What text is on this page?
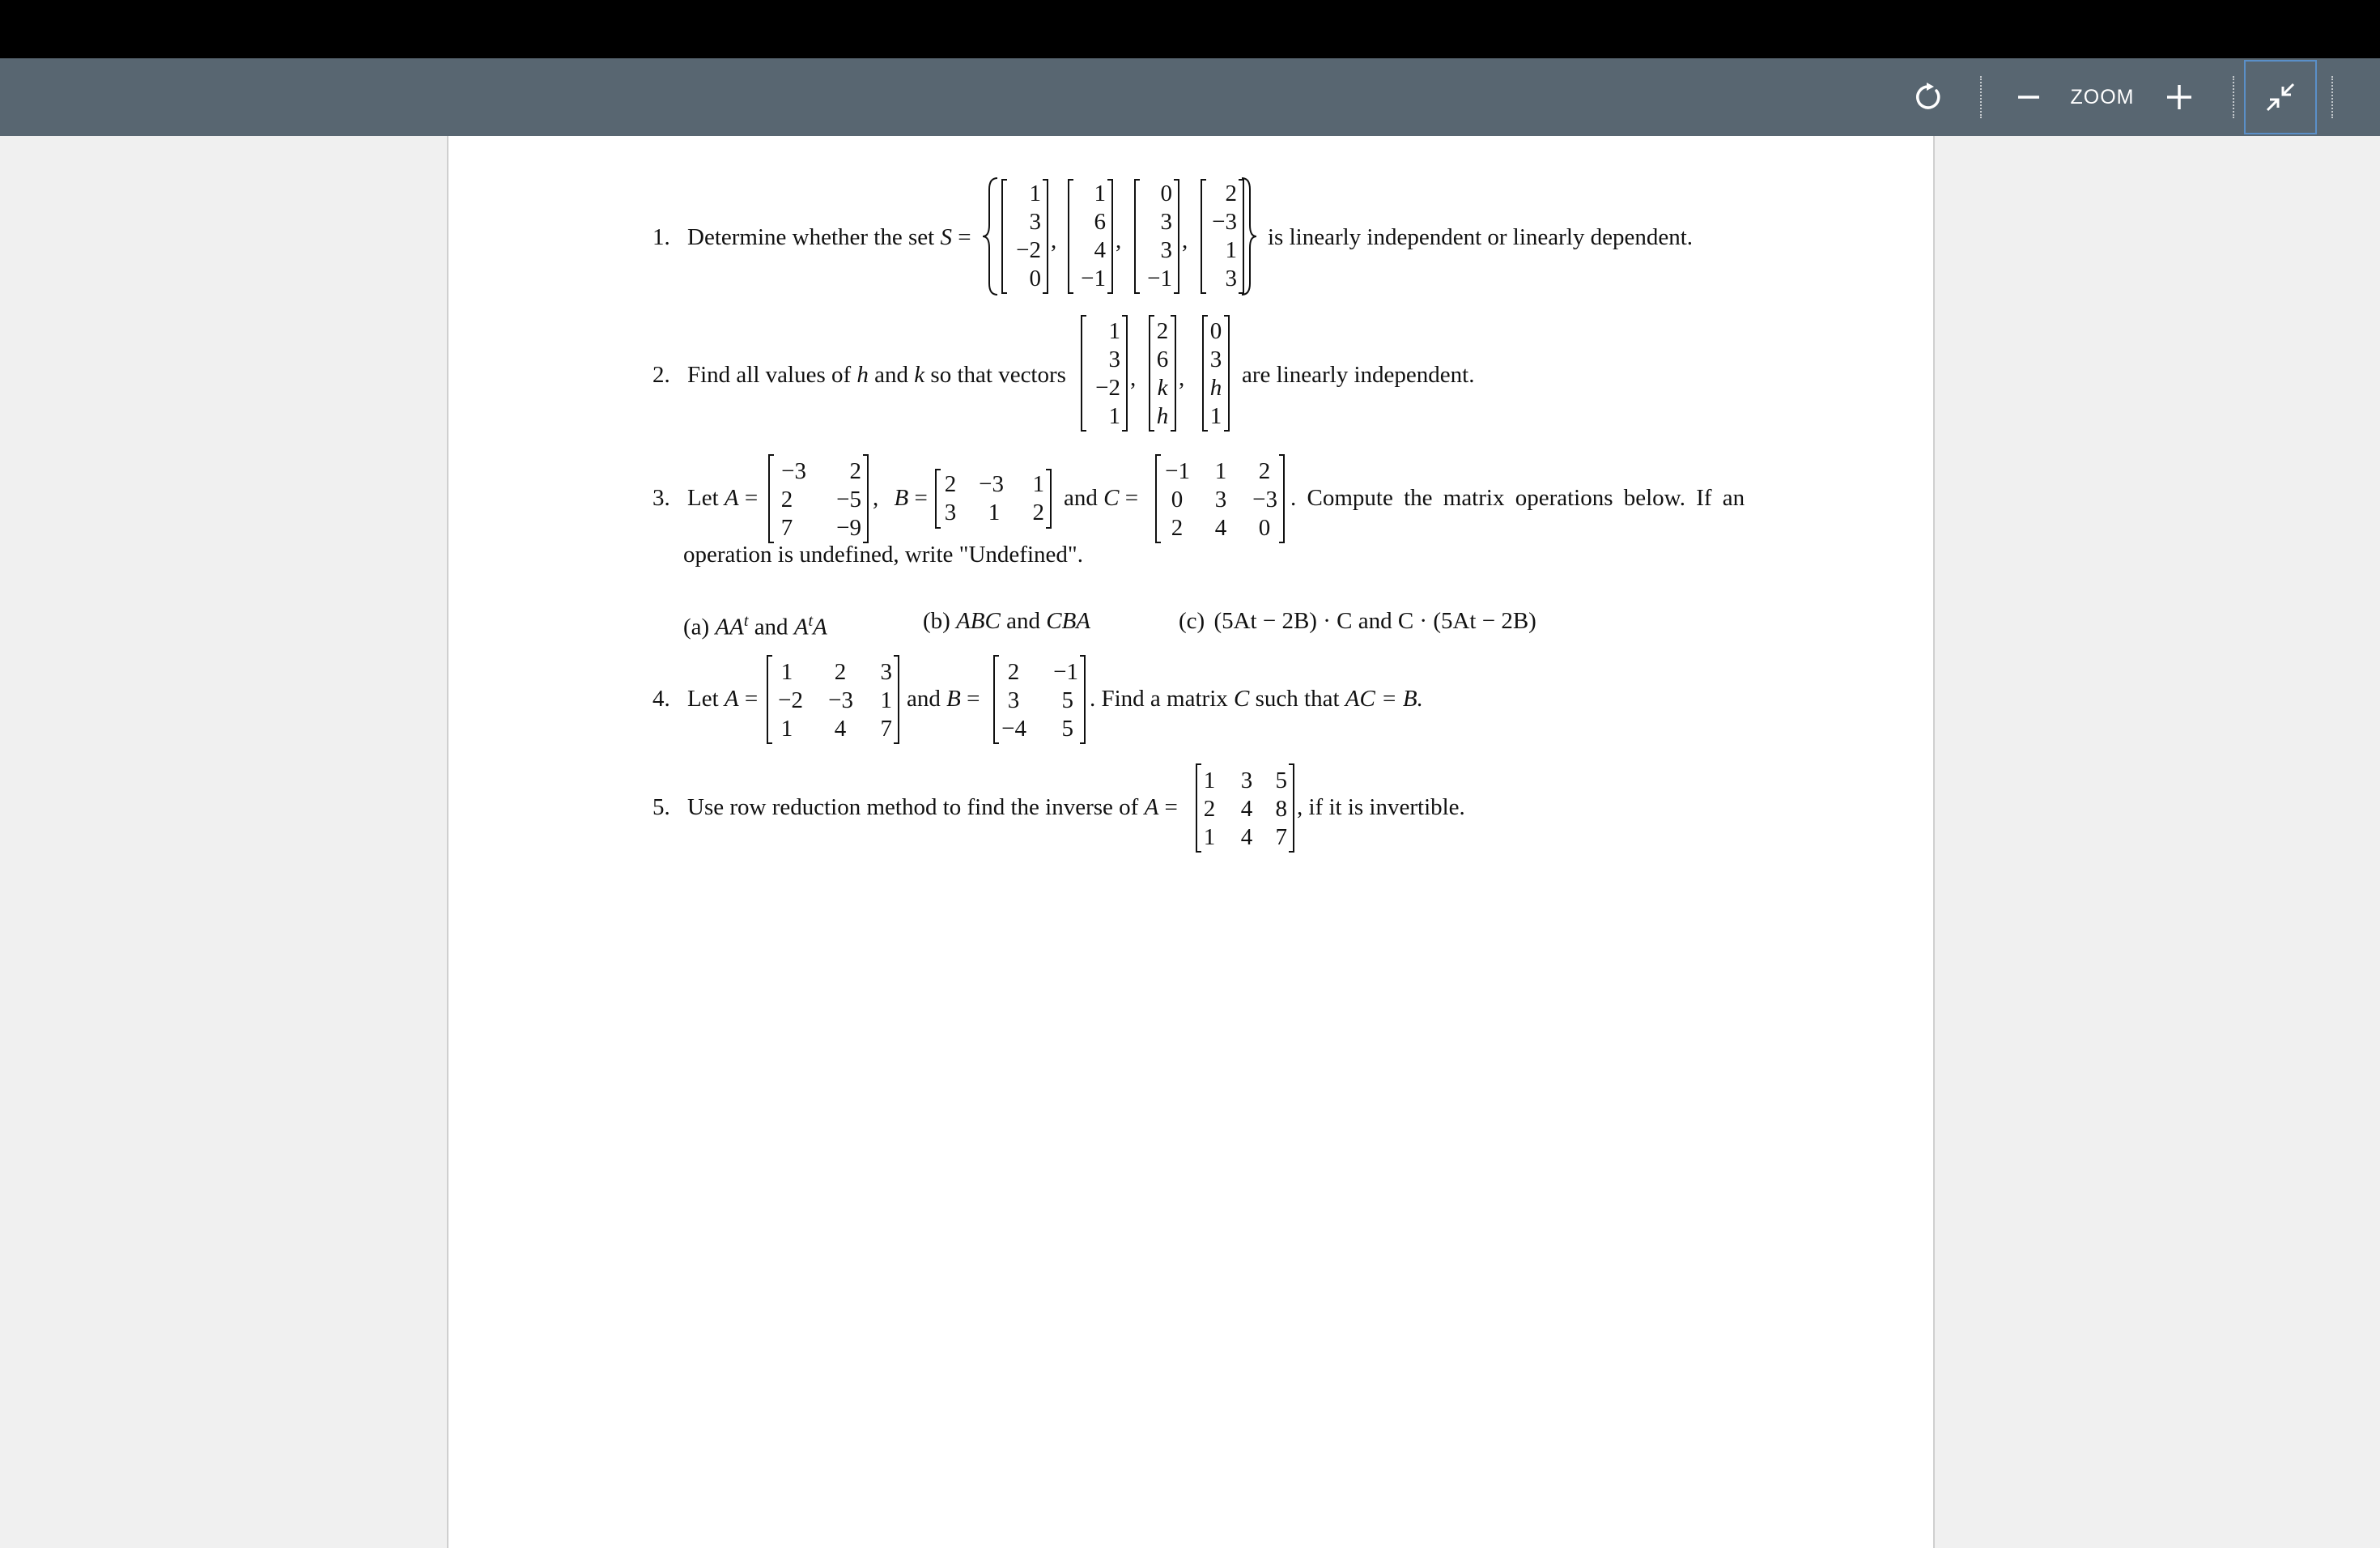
ZOOM
1. Determine whether the set S =
1
3
−2
0
,
1
6
4
−1
,
0
3
3
−1
,
2
−3
1
3
is linearly independent or linearly dependent.
2. Find all values of h and k so that vectors
1
3
−2
1
,
2
6
k
h
,
0
3
h
1
are linearly independent.
3. Let A =
−3 2
2 −5
7 −9
, B =
2 −3 1
3 1 2
and C =
−1 1 2
0 3 −3
2 4 0
. Compute the matrix operations below. If an
operation is undefined, write "Undefined".
(a) $AA^t$ and $A^tA$	(b) ABC and CBA	(c) (5At − 2B) · C and C · (5At − 2B)
4. Let A =
1 2 3
−2 −3 1
1 4 7
and B =
2 −1
3 5
−4 5
. Find a matrix C such that AC = B.
5. Use row reduction method to find the inverse of A =
1 3 5
2 4 8
1 4 7
, if it is invertible.
